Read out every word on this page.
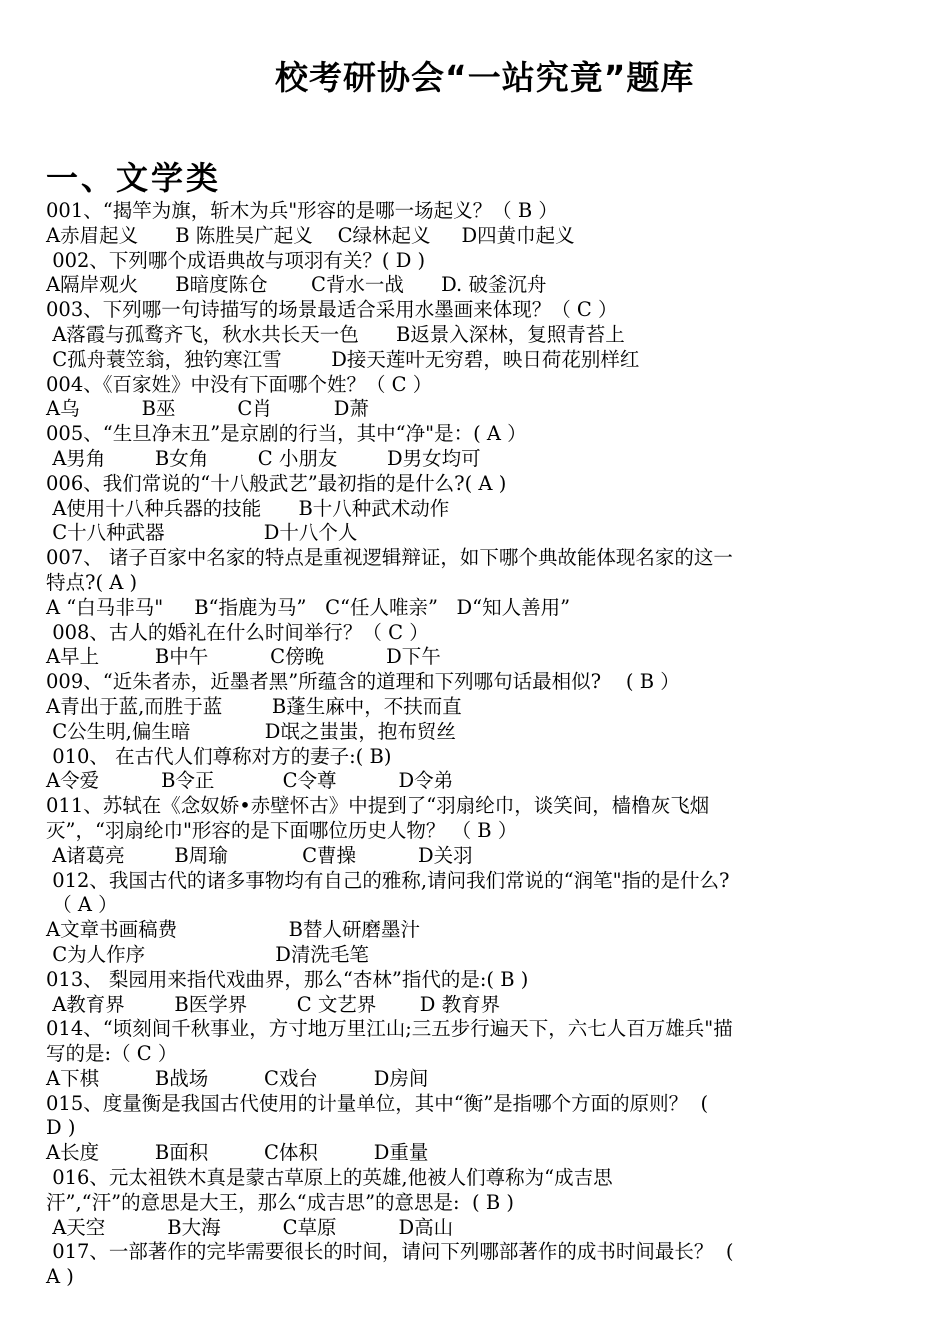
校考研协会“一站究竟”题库
一、文学类
001、“揭竿为旗，斩木为兵"形容的是哪一场起义？（ B ）
A赤眉起义      B 陈胜吴广起义    C绿林起义     D四黄巾起义
002、下列哪个成语典故与项羽有关？( D )
A隔岸观火      B暗度陈仓       C背水一战      D. 破釜沉舟
003、下列哪一句诗描写的场景最适合采用水墨画来体现？（ C ）
A落霞与孤鹜齐飞，秋水共长天一色      B返景入深林，复照青苔上
C孤舟蓑笠翁，独钓寒江雪        D接天莲叶无穷碧，映日荷花别样红
004、《百家姓》中没有下面哪个姓？（ C ）
A乌          B巫          C肖          D萧
005、“生旦净末丑”是京剧的行当，其中“净"是：( A ）
A男角        B女角        C 小朋友        D男女均可
006、我们常说的“十八般武艺”最初指的是什么?( A )
A使用十八种兵器的技能      B十八种武术动作
C十八种武器                D十八个人
007、 诸子百家中名家的特点是重视逻辑辩证，如下哪个典故能体现名家的这一
特点?( A )
A “白马非马"     B“指鹿为马”   C“任人唯亲”   D“知人善用”
008、古人的婚礼在什么时间举行？（ C ）
A早上         B中午          C傍晚          D下午
009、“近朱者赤，近墨者黑”所蕴含的道理和下列哪句话最相似?    ( B ）
A青出于蓝,而胜于蓝        B蓬生麻中，不扶而直
C公生明,偏生暗            D氓之蚩蚩，抱布贸丝
010、 在古代人们尊称对方的妻子:( B)
A令爱          B令正           C令尊          D令弟
011、苏轼在《念奴娇•赤壁怀古》中提到了“羽扇纶巾，谈笑间，樯橹灰飞烟
灭”，“羽扇纶巾"形容的是下面哪位历史人物？ （ B ）
A诸葛亮        B周瑜            C曹操          D关羽
012、我国古代的诸多事物均有自己的雅称,请问我们常说的“润笔"指的是什么?
（ A ）
A文章书画稿费                  B替人研磨墨汁
C为人作序                     D清洗毛笔
013、 梨园用来指代戏曲界，那么“杏林”指代的是:( B )
A教育界        B医学界        C 文艺界       D 教育界
014、“顷刻间千秋事业，方寸地万里江山;三五步行遍天下，六七人百万雄兵"描
写的是:（ C ）
A下棋         B战场         C戏台         D房间
015、度量衡是我国古代使用的计量单位，其中“衡”是指哪个方面的原则？  (
D )
A长度         B面积         C体积         D重量
016、元太祖铁木真是蒙古草原上的英雄,他被人们尊称为“成吉思
汗”,“汗”的意思是大王，那么“成吉思”的意思是:  ( B )
A天空          B大海          C草原          D高山
017、一部著作的完毕需要很长的时间，请问下列哪部著作的成书时间最长？  (
A )
